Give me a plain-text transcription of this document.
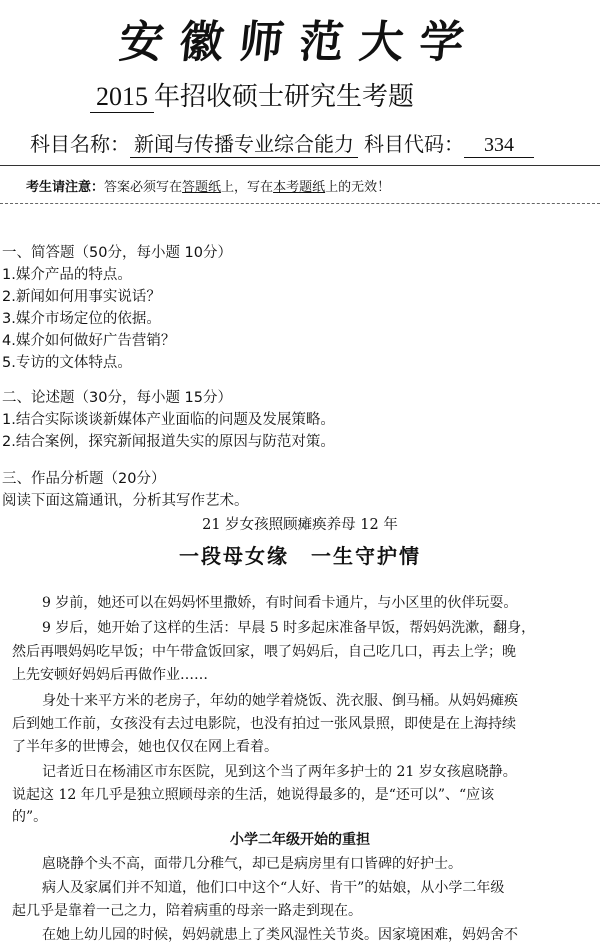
安徽师范大学
2015 年招收硕士研究生考题
科目名称： 新闻与传播专业综合能力 科目代码： 334
考生请注意：答案必须写在答题纸上，写在本考题纸上的无效！
一、简答题（50分，每小题 10分）
1.媒介产品的特点。
2.新闻如何用事实说话？
3.媒介市场定位的依据。
4.媒介如何做好广告营销？
5.专访的文体特点。
二、论述题（30分，每小题 15分）
1.结合实际谈谈新媒体产业面临的问题及发展策略。
2.结合案例，探究新闻报道失实的原因与防范对策。
三、作品分析题（20分）
阅读下面这篇通讯，分析其写作艺术。
21 岁女孩照顾瘫痪养母 12 年
一段母女缘　一生守护情
9 岁前，她还可以在妈妈怀里撒娇，有时间看卡通片，与小区里的伙伴玩耍。
9 岁后，她开始了这样的生活：早晨 5 时多起床准备早饭，帮妈妈洗漱，翻身，
然后再喂妈妈吃早饭；中午带盒饭回家，喂了妈妈后，自己吃几口，再去上学；晚
上先安顿好妈妈后再做作业……
身处十来平方米的老房子，年幼的她学着烧饭、洗衣服、倒马桶。从妈妈瘫痪
后到她工作前，女孩没有去过电影院，也没有拍过一张风景照，即使是在上海持续
了半年多的世博会，她也仅仅在网上看着。
记者近日在杨浦区市东医院，见到这个当了两年多护士的 21 岁女孩扈晓静。
说起这 12 年几乎是独立照顾母亲的生活，她说得最多的，是“还可以”、“应该
的”。
小学二年级开始的重担
扈晓静个头不高，面带几分稚气，却已是病房里有口皆碑的好护士。
病人及家属们并不知道，他们口中这个“人好、肯干”的姑娘，从小学二年级
起几乎是靠着一己之力，陪着病重的母亲一路走到现在。
在她上幼儿园的时候，妈妈就患上了类风湿性关节炎。因家境困难，妈妈舍不
